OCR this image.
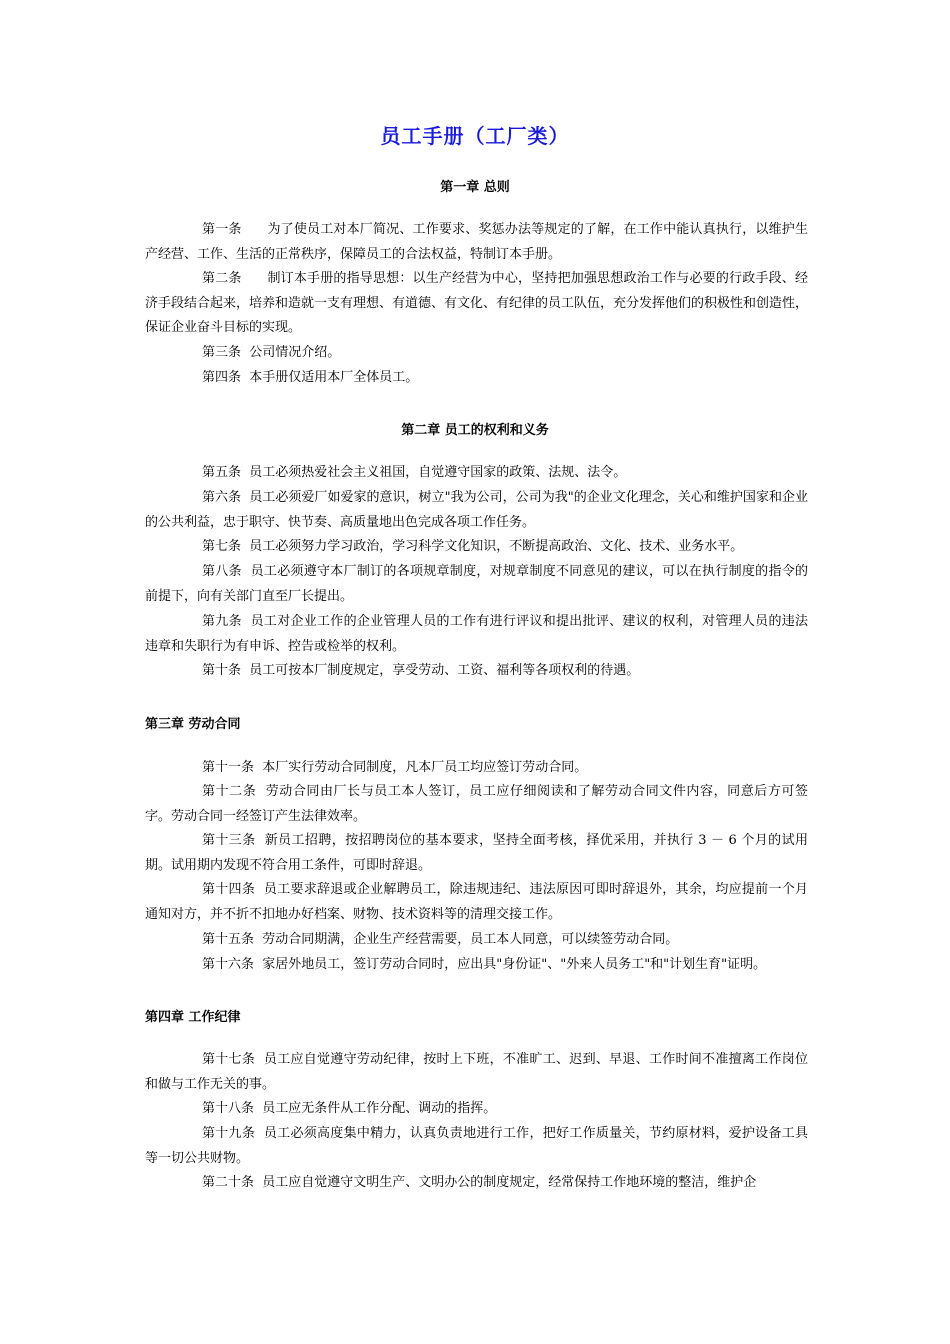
员工手册（工厂类）
第一章 总则
第一条      为了使员工对本厂简况、工作要求、奖惩办法等规定的了解，在工作中能认真执行，以维护生产经营、工作、生活的正常秩序，保障员工的合法权益，特制订本手册。
第二条      制订本手册的指导思想：以生产经营为中心，坚持把加强思想政治工作与必要的行政手段、经济手段结合起来，培养和造就一支有理想、有道德、有文化、有纪律的员工队伍，充分发挥他们的积极性和创造性，保证企业奋斗目标的实现。
第三条  公司情况介绍。
第四条  本手册仅适用本厂全体员工。
第二章 员工的权利和义务
第五条  员工必须热爱社会主义祖国，自觉遵守国家的政策、法规、法令。
第六条  员工必须爱厂如爱家的意识，树立"我为公司，公司为我"的企业文化理念，关心和维护国家和企业的公共利益，忠于职守、快节奏、高质量地出色完成各项工作任务。
第七条  员工必须努力学习政治，学习科学文化知识，不断提高政治、文化、技术、业务水平。
第八条  员工必须遵守本厂制订的各项规章制度，对规章制度不同意见的建议，可以在执行制度的指令的前提下，向有关部门直至厂长提出。
第九条  员工对企业工作的企业管理人员的工作有进行评议和提出批评、建议的权利，对管理人员的违法违章和失职行为有申诉、控告或检举的权利。
第十条  员工可按本厂制度规定，享受劳动、工资、福利等各项权利的待遇。
第三章 劳动合同
第十一条  本厂实行劳动合同制度，凡本厂员工均应签订劳动合同。
第十二条  劳动合同由厂长与员工本人签订，员工应仔细阅读和了解劳动合同文件内容，同意后方可签字。劳动合同一经签订产生法律效率。
第十三条  新员工招聘，按招聘岗位的基本要求，坚持全面考核，择优采用，并执行 3 － 6 个月的试用期。试用期内发现不符合用工条件，可即时辞退。
第十四条  员工要求辞退或企业解聘员工，除违规违纪、违法原因可即时辞退外，其余，均应提前一个月通知对方，并不折不扣地办好档案、财物、技术资料等的清理交接工作。
第十五条  劳动合同期满，企业生产经营需要，员工本人同意，可以续签劳动合同。
第十六条  家居外地员工，签订劳动合同时，应出具"身份证"、"外来人员务工"和"计划生育"证明。
第四章 工作纪律
第十七条  员工应自觉遵守劳动纪律，按时上下班，不准旷工、迟到、早退、工作时间不准擅离工作岗位和做与工作无关的事。
第十八条  员工应无条件从工作分配、调动的指挥。
第十九条  员工必须高度集中精力，认真负责地进行工作，把好工作质量关，节约原材料，爱护设备工具等一切公共财物。
第二十条  员工应自觉遵守文明生产、文明办公的制度规定，经常保持工作地环境的整洁，维护企
